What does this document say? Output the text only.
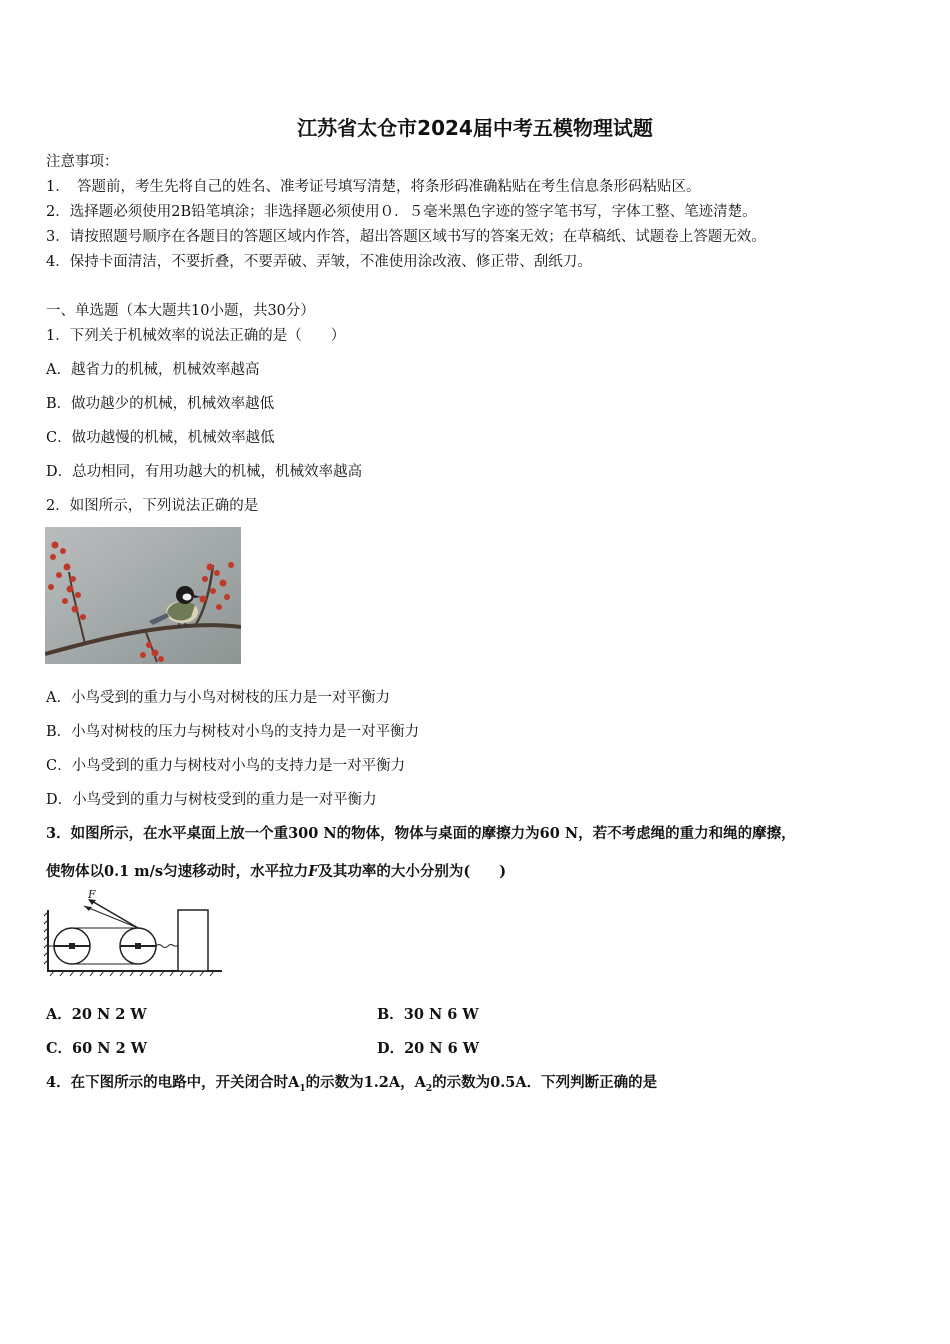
江苏省太仓市2024届中考五模物理试题
注意事项：
1．　答题前，考生先将自己的姓名、准考证号填写清楚，将条形码准确粘贴在考生信息条形码粘贴区。
2．选择题必须使用2B铅笔填涂；非选择题必须使用０．５毫米黑色字迹的签字笔书写，字体工整、笔迹清楚。
3．请按照题号顺序在各题目的答题区域内作答，超出答题区域书写的答案无效；在草稿纸、试题卷上答题无效。
4．保持卡面清洁，不要折叠，不要弄破、弄皱，不准使用涂改液、修正带、刮纸刀。
一、单选题（本大题共10小题，共30分）
1．下列关于机械效率的说法正确的是（　　）
A．越省力的机械，机械效率越高
B．做功越少的机械，机械效率越低
C．做功越慢的机械，机械效率越低
D．总功相同，有用功越大的机械，机械效率越高
2．如图所示，下列说法正确的是
A．小鸟受到的重力与小鸟对树枝的压力是一对平衡力
B．小鸟对树枝的压力与树枝对小鸟的支持力是一对平衡力
C．小鸟受到的重力与树枝对小鸟的支持力是一对平衡力
D．小鸟受到的重力与树枝受到的重力是一对平衡力
3．如图所示，在水平桌面上放一个重300 N的物体，物体与桌面的摩擦力为60 N，若不考虑绳的重力和绳的摩擦，
使物体以0.1 m/s匀速移动时，水平拉力F及其功率的大小分别为(　　)
F
A．20 N 2 W	B．30 N 6 W
C．60 N 2 W	D．20 N 6 W
4．在下图所示的电路中，开关闭合时$A_1$的示数为1.2A，$A_2$的示数为0.5A．下列判断正确的是
